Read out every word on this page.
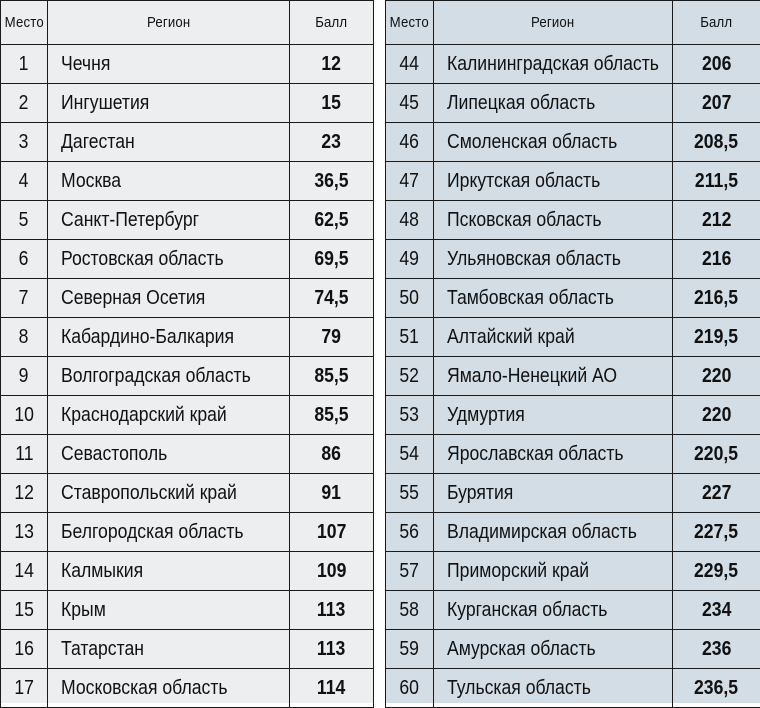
Место	Регион	Балл
1	Чечня	12
2	Ингушетия	15
3	Дагестан	23
4	Москва	36,5
5	Санкт-Петербург	62,5
6	Ростовская область	69,5
7	Северная Осетия	74,5
8	Кабардино-Балкария	79
9	Волгоградская область	85,5
10	Краснодарский край	85,5
11	Севастополь	86
12	Ставропольский край	91
13	Белгородская область	107
14	Калмыкия	109
15	Крым	113
16	Татарстан	113
17	Московская область	114
Место	Регион	Балл
44	Калининградская область	206
45	Липецкая область	207
46	Смоленская область	208,5
47	Иркутская область	211,5
48	Псковская область	212
49	Ульяновская область	216
50	Тамбовская область	216,5
51	Алтайский край	219,5
52	Ямало-Ненецкий АО	220
53	Удмуртия	220
54	Ярославская область	220,5
55	Бурятия	227
56	Владимирская область	227,5
57	Приморский край	229,5
58	Курганская область	234
59	Амурская область	236
60	Тульская область	236,5
